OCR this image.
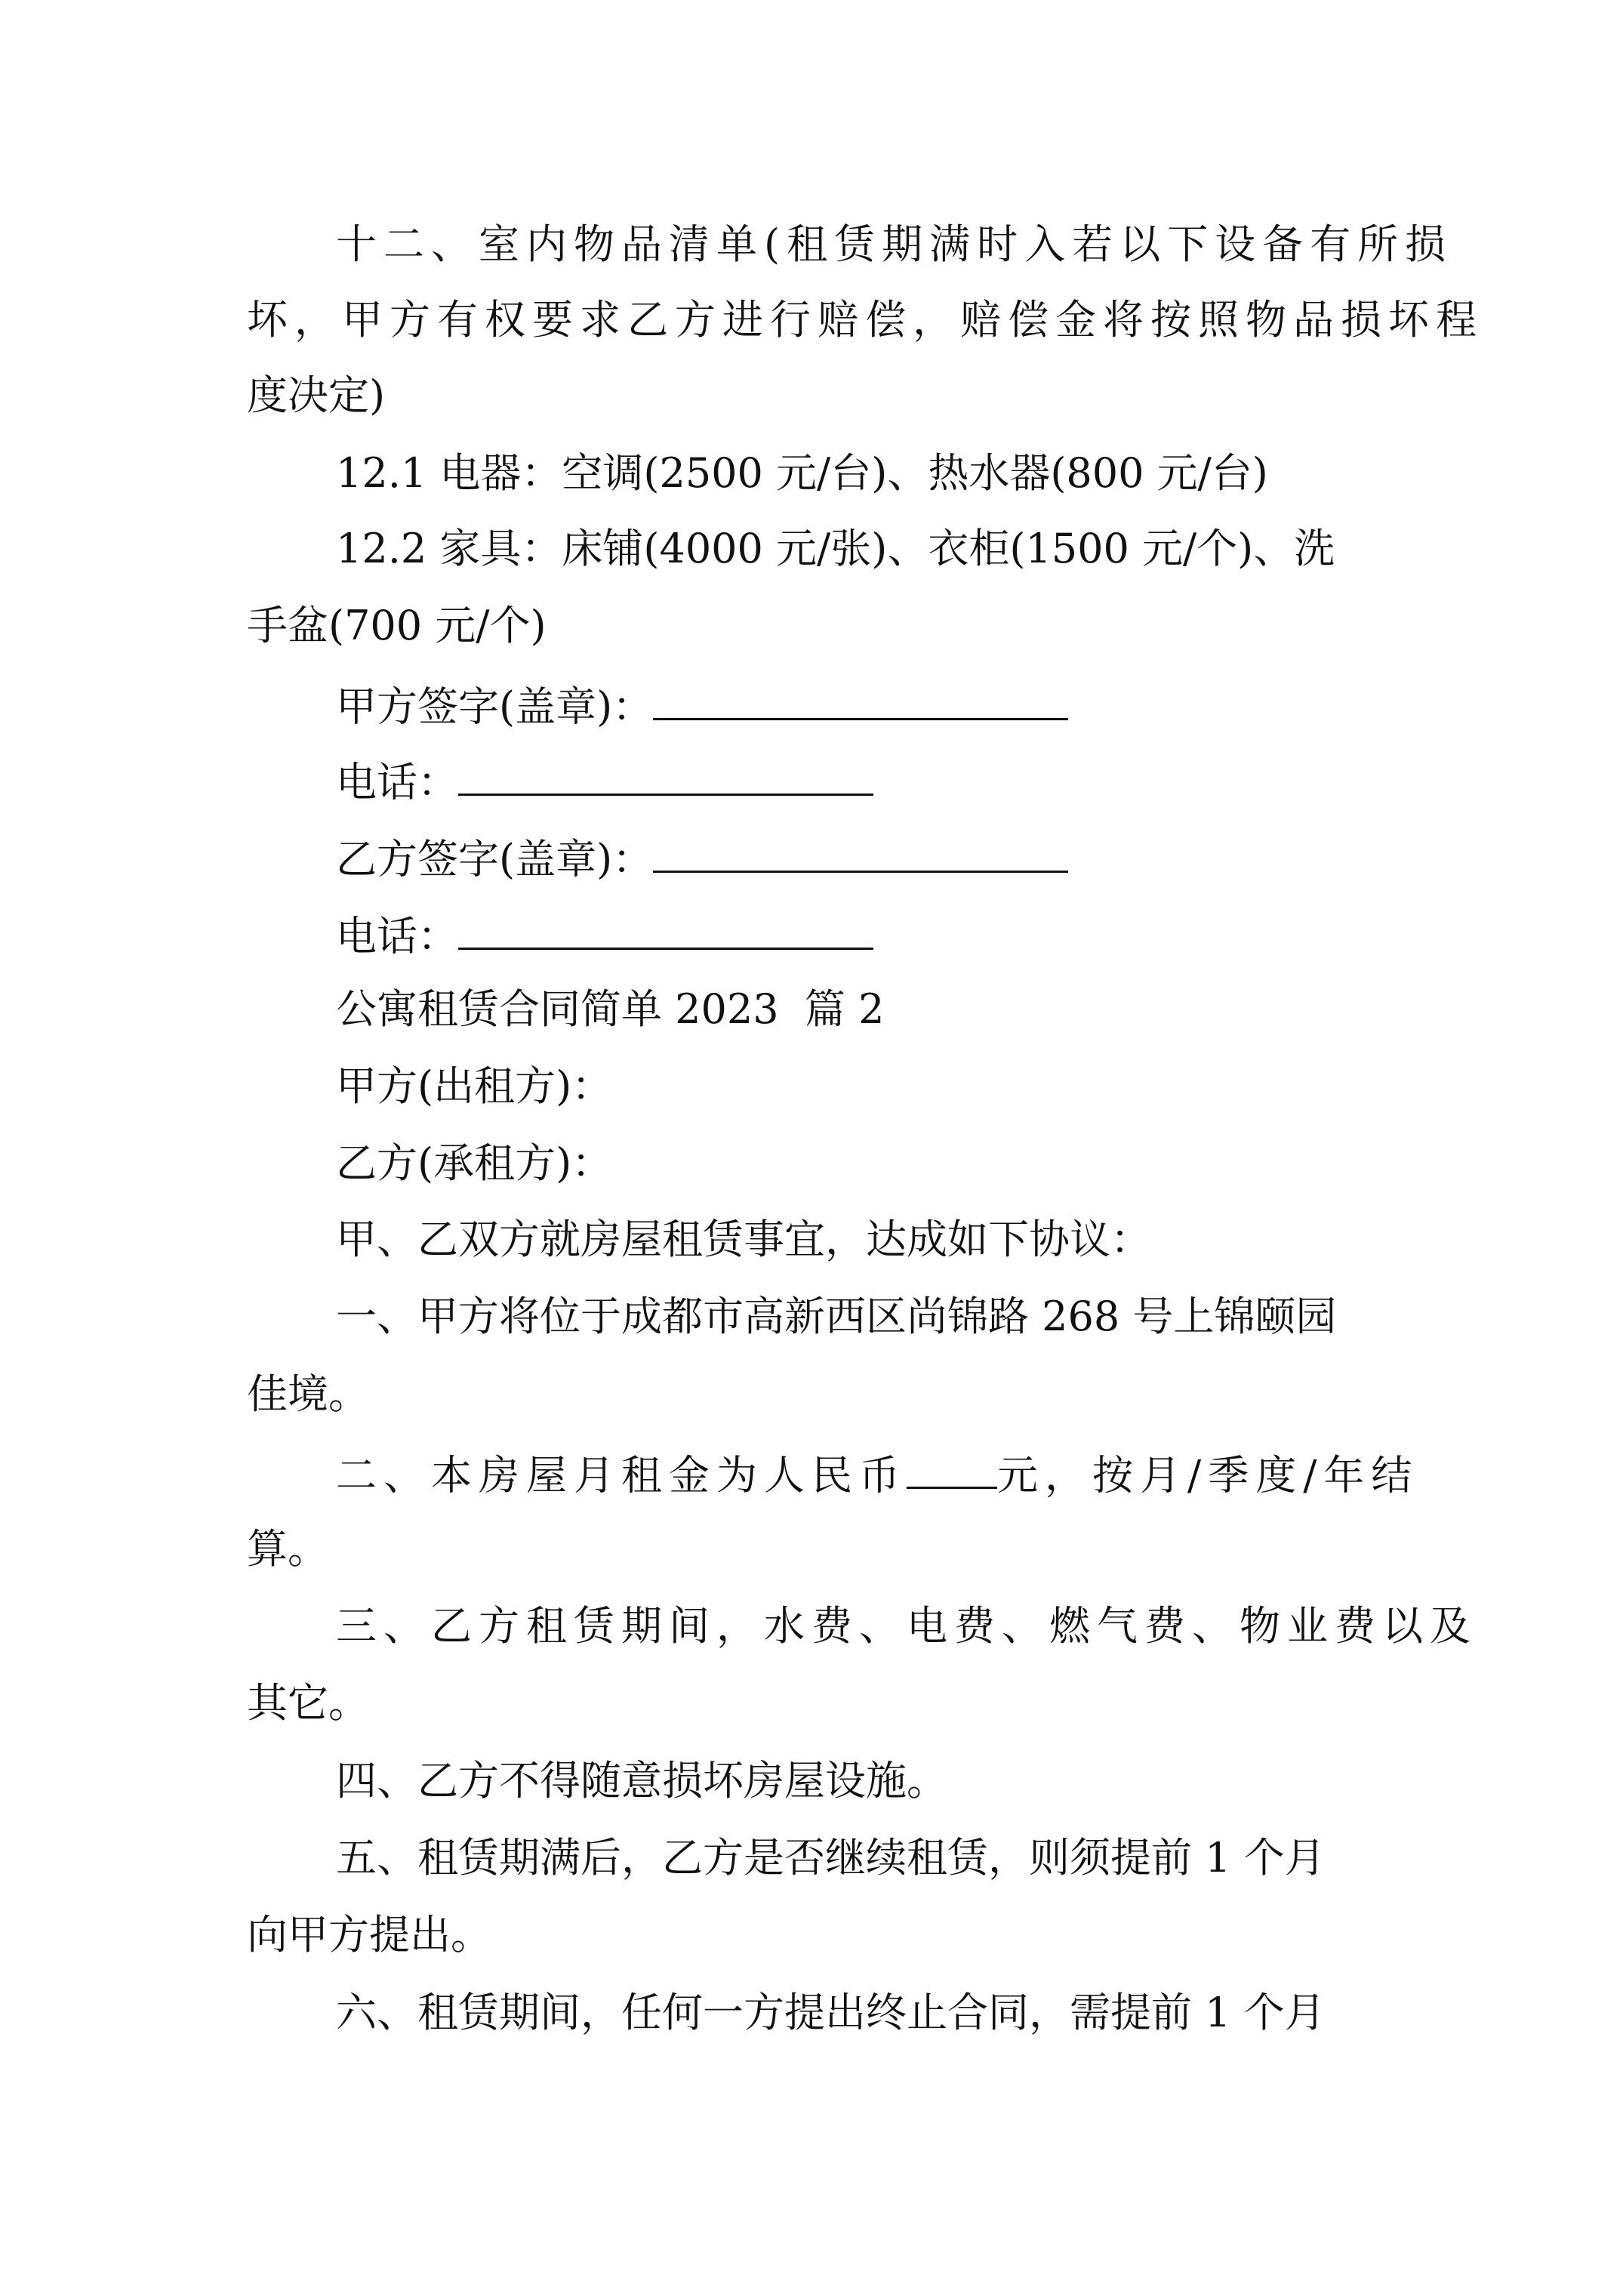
十二、室内物品清单(租赁期满时入若以下设备有所损
坏，甲方有权要求乙方进行赔偿，赔偿金将按照物品损坏程
度决定)
12.1 电器：空调(2500 元/台)、热水器(800 元/台)
12.2 家具：床铺(4000 元/张)、衣柜(1500 元/个)、洗
手盆(700 元/个)
甲方签字(盖章)：
电话：
乙方签字(盖章)：
电话：
公寓租赁合同简单 2023  篇 2
甲方(出租方)：
乙方(承租方)：
甲、乙双方就房屋租赁事宜，达成如下协议：
一、甲方将位于成都市高新西区尚锦路 268 号上锦颐园
佳境。
二、本房屋月租金为人民币 元，按月/季度/年结
算。
三、乙方租赁期间，水费、电费、燃气费、物业费以及
其它。
四、乙方不得随意损坏房屋设施。
五、租赁期满后，乙方是否继续租赁，则须提前 1 个月
向甲方提出。
六、租赁期间，任何一方提出终止合同，需提前 1 个月
